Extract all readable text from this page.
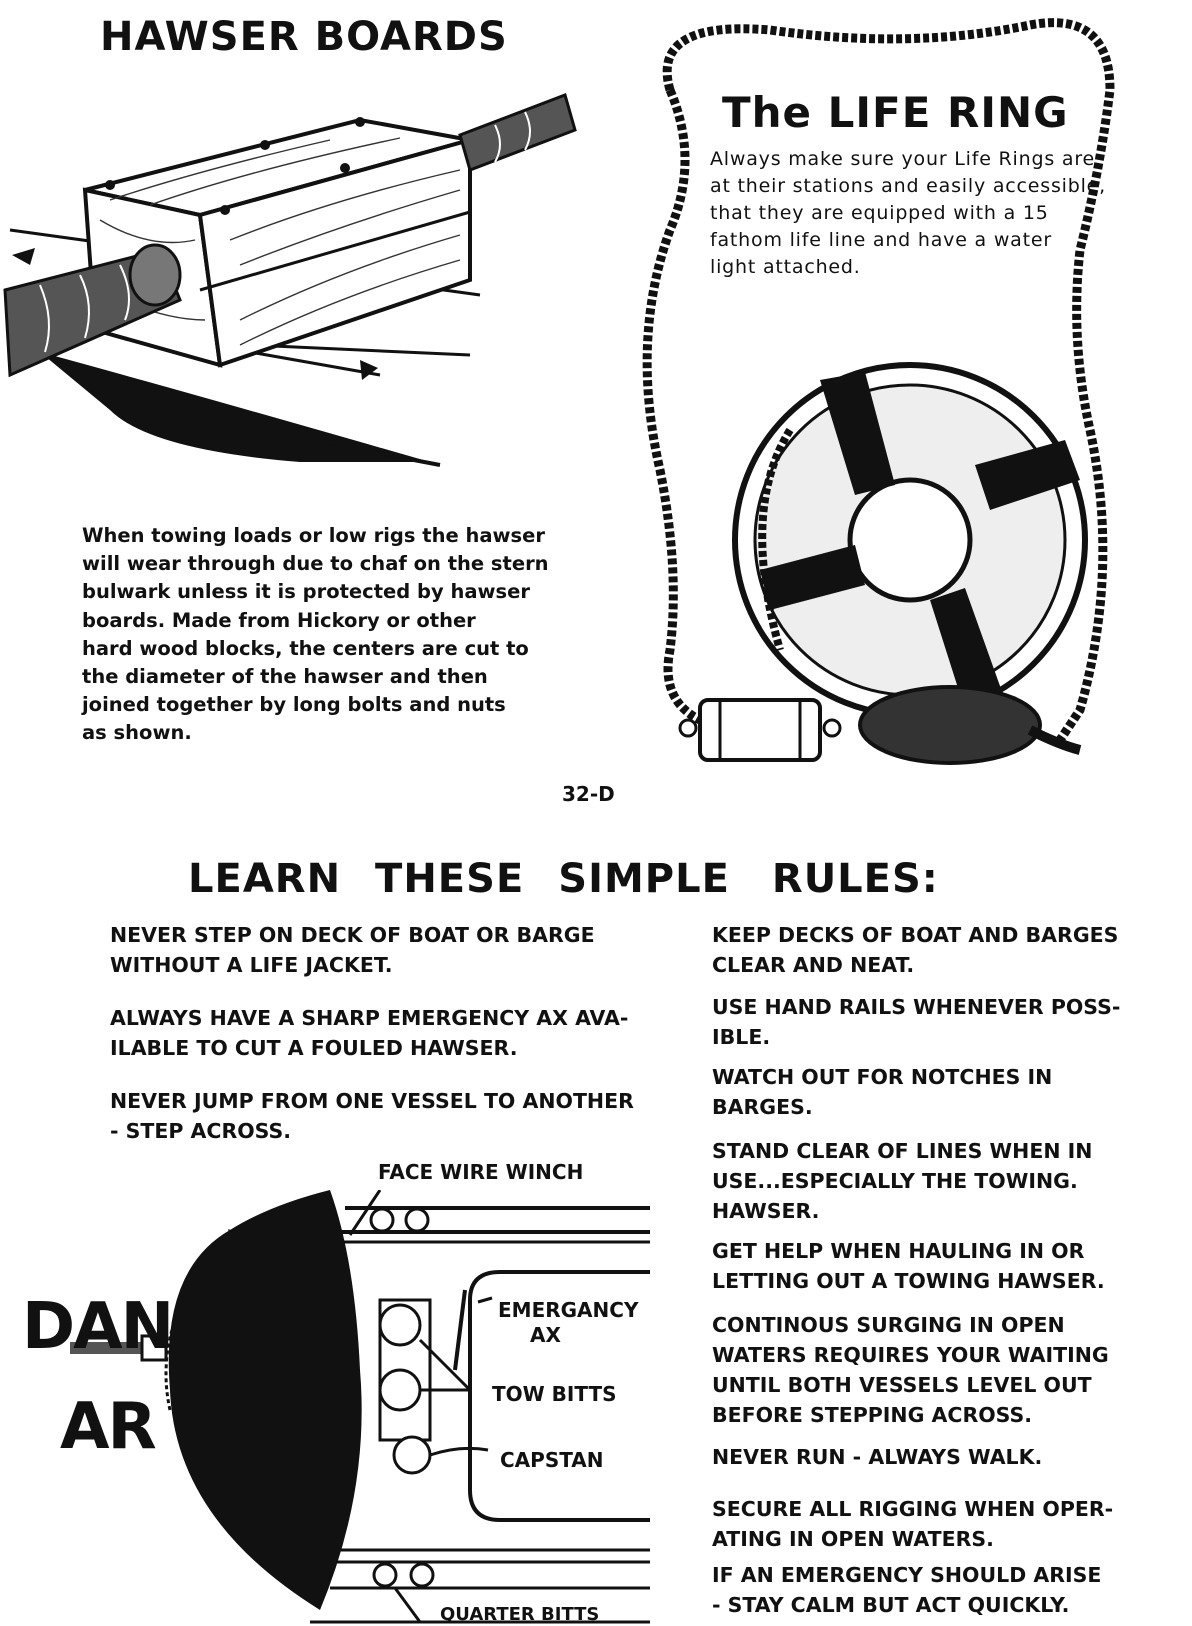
HAWSER BOARDS
When towing loads or low rigs the hawser
will wear through due to chaf on the stern
bulwark unless it is protected by hawser
boards. Made from Hickory or other
hard wood blocks, the centers are cut to
the diameter of the hawser and then
joined together by long bolts and nuts
as shown.
32-D
The LIFE RING
Always make sure your Life Rings are
at their stations and easily accessible,
that they are equipped with a 15
fathom life line and have a water
light attached.
LEARN THESE SIMPLE RULES:
NEVER STEP ON DECK OF BOAT OR BARGE
WITHOUT A LIFE JACKET.
ALWAYS HAVE A SHARP EMERGENCY AX AVA-
ILABLE TO CUT A FOULED HAWSER.
NEVER JUMP FROM ONE VESSEL TO ANOTHER
- STEP ACROSS.
KEEP DECKS OF BOAT AND BARGES
CLEAR AND NEAT.
USE HAND RAILS WHENEVER POSS-
IBLE.
WATCH OUT FOR NOTCHES IN
BARGES.
STAND CLEAR OF LINES WHEN IN
USE...ESPECIALLY THE TOWING.
HAWSER.
GET HELP WHEN HAULING IN OR
LETTING OUT A TOWING HAWSER.
CONTINOUS SURGING IN OPEN
WATERS REQUIRES YOUR WAITING
UNTIL BOTH VESSELS LEVEL OUT
BEFORE STEPPING ACROSS.
NEVER RUN - ALWAYS WALK.
SECURE ALL RIGGING WHEN OPER-
ATING IN OPEN WATERS.
IF AN EMERGENCY SHOULD ARISE
- STAY CALM BUT ACT QUICKLY.
FACE WIRE WINCH
EMERGANCY
AX
TOW BITTS
CAPSTAN
QUARTER BITTS
DAN
AR
